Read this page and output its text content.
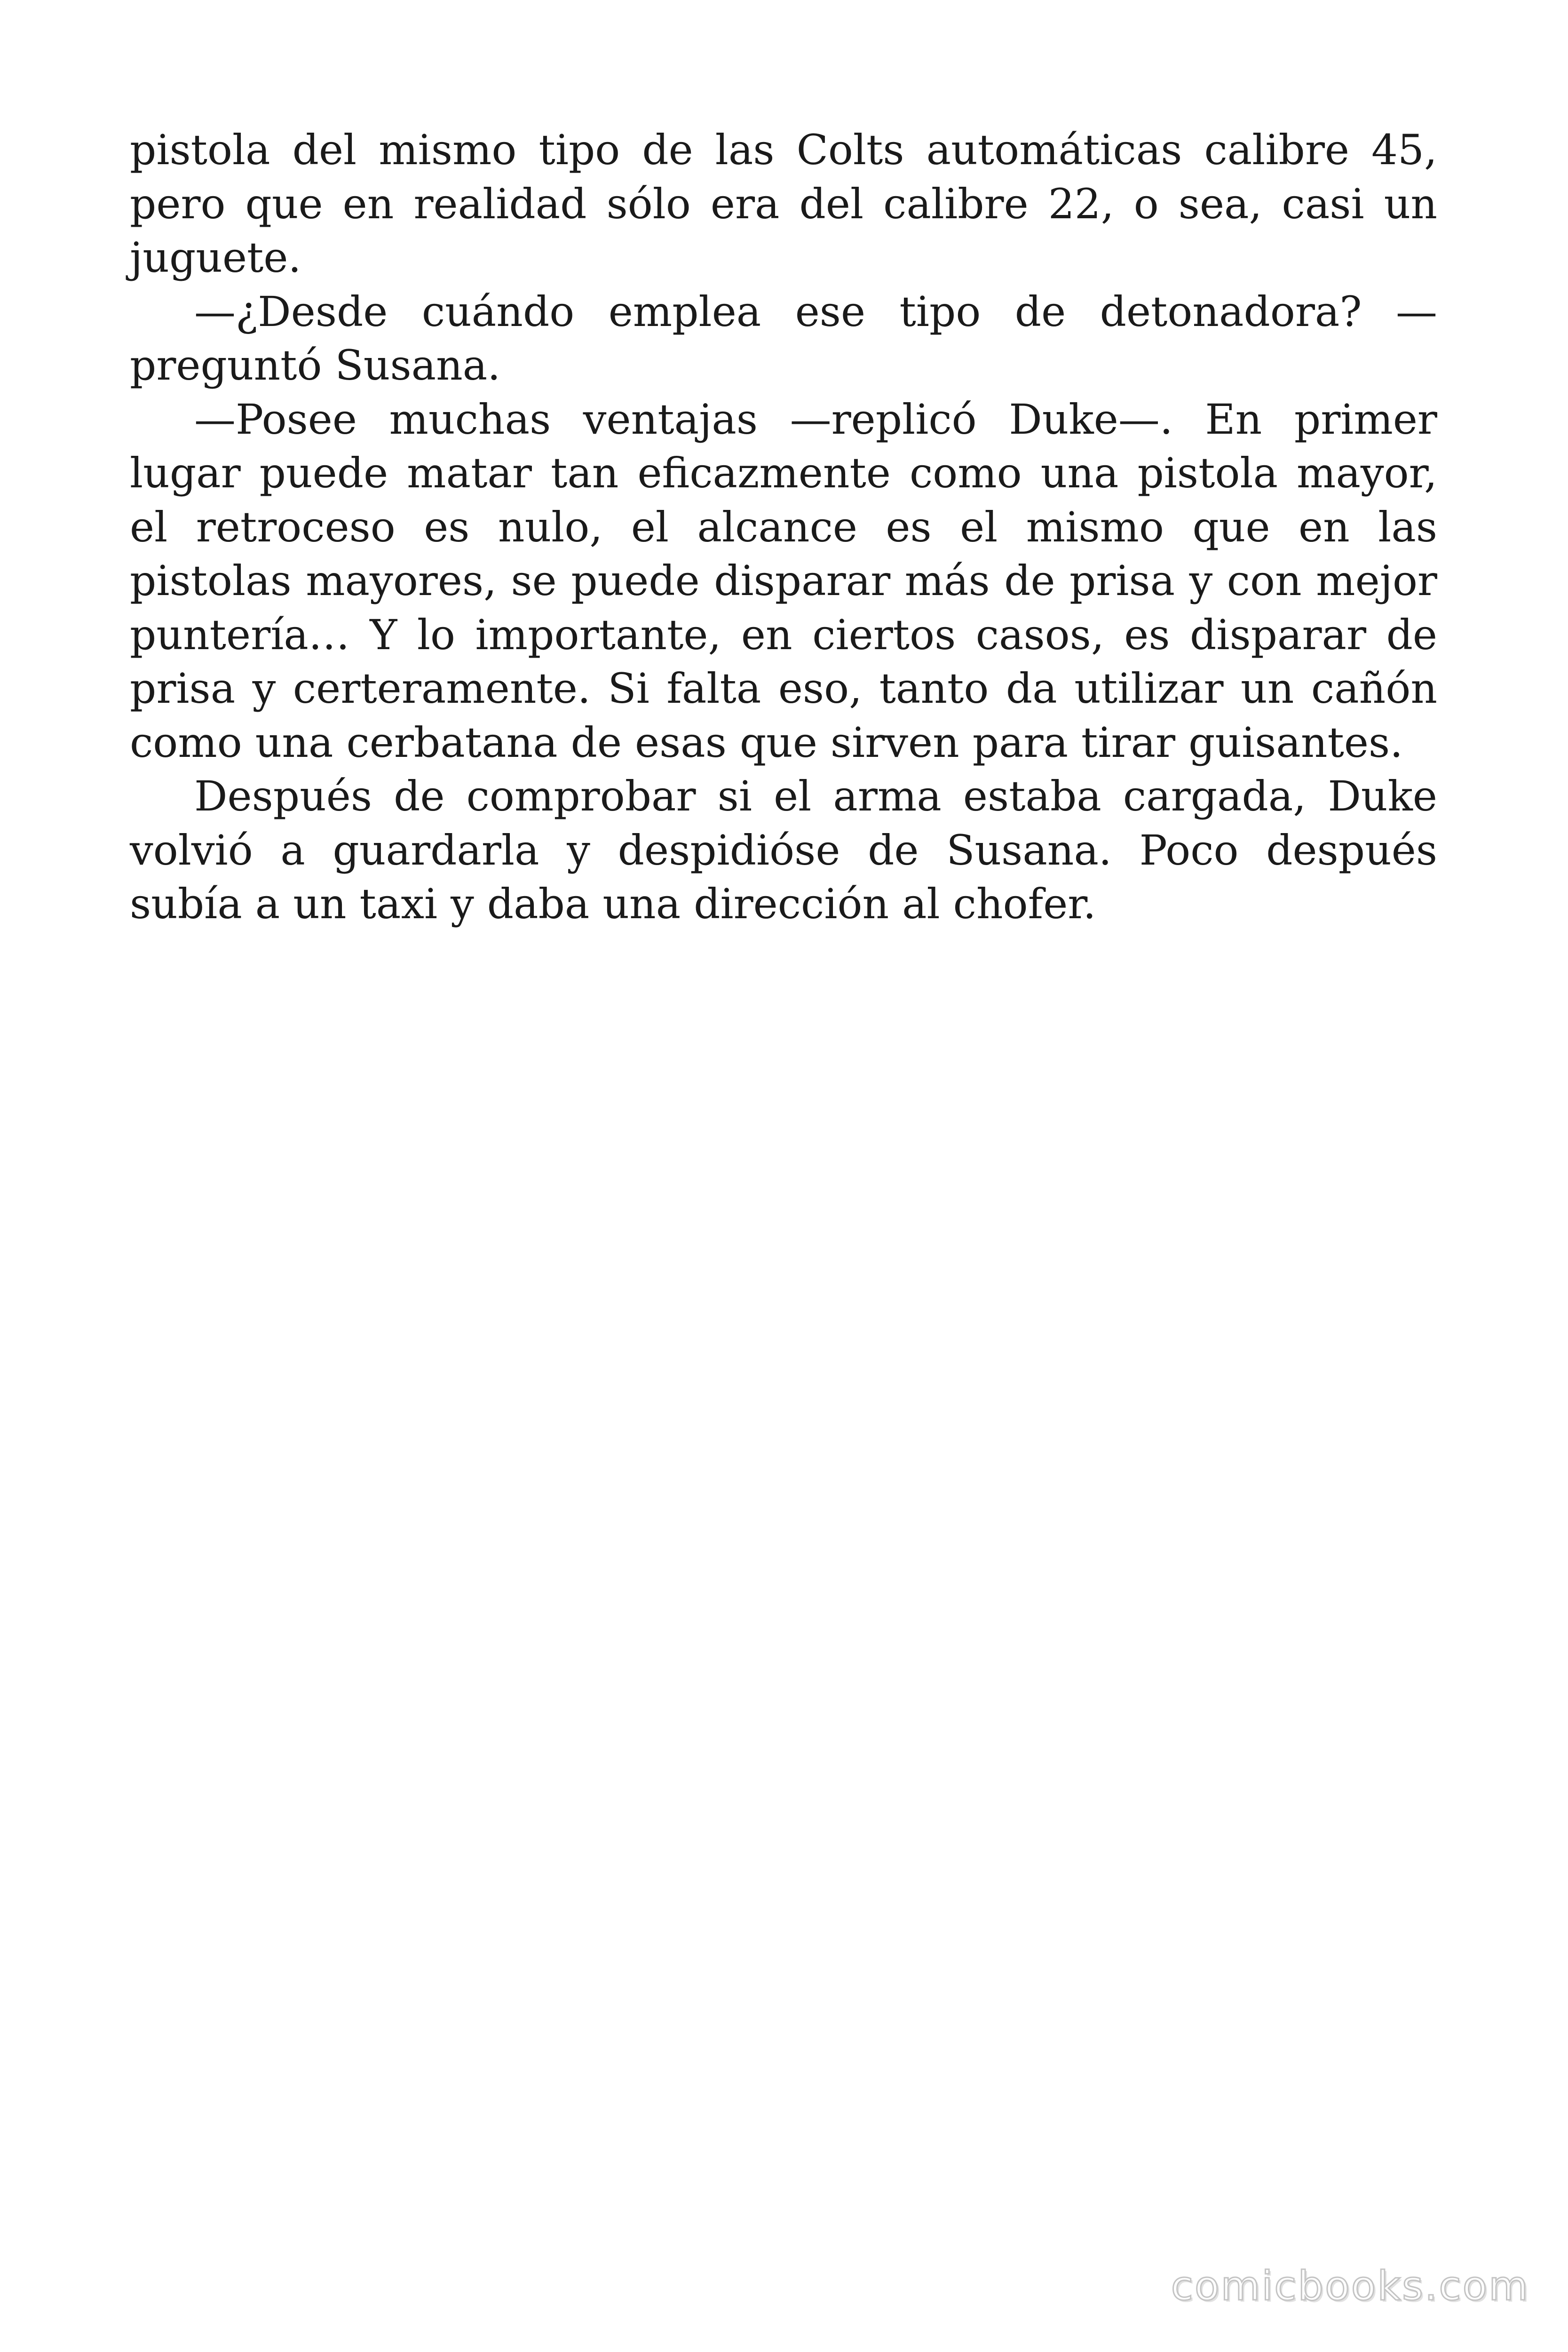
pistola del mismo tipo de las Colts automáticas calibre 45, pero que en realidad sólo era del calibre 22, o sea, casi un juguete.

—¿Desde cuándo emplea ese tipo de detonadora? —preguntó Susana.

—Posee muchas ventajas —replicó Duke—. En primer lugar puede matar tan eficazmente como una pistola mayor, el retroceso es nulo, el alcance es el mismo que en las pistolas mayores, se puede disparar más de prisa y con mejor puntería… Y lo importante, en ciertos casos, es disparar de prisa y certeramente. Si falta eso, tanto da utilizar un cañón como una cerbatana de esas que sirven para tirar guisantes.

Después de comprobar si el arma estaba cargada, Duke volvió a guardarla y despidióse de Susana. Poco después subía a un taxi y daba una dirección al chofer.

comicbooks.com
